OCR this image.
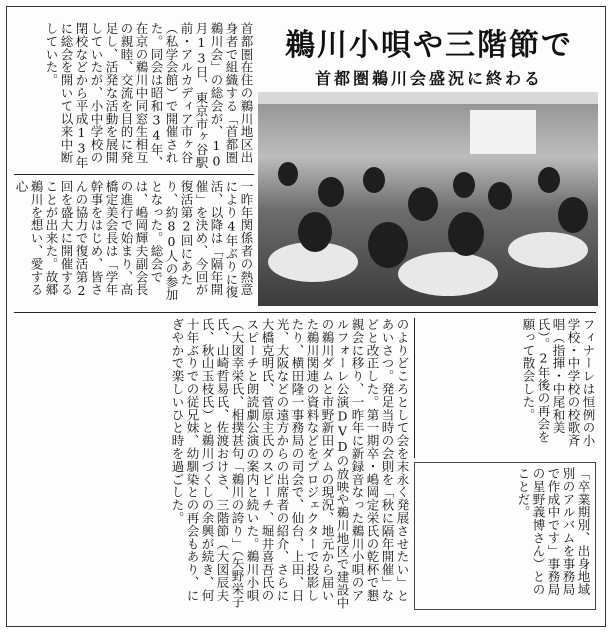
首都圏在住の鵜川地区出身者で組織する「首都圏鵜川会」の総会が、10月13日、東京市ヶ谷駅前・アルカディア市ヶ谷（私学会館）で開催された。同会は昭和34年、在京の鵜川中同窓生相互の親睦、交流を目的に発足し、活発な活動を展開していたが、小中学校の閉校などから平成13年に総会を開いて以来中断していた。
一昨年関係者の熱意により4年ぶりに復活、以降は「隔年開催」を決め、今回が復活第2回にあたり、約80人の参加となった。総会では、嶋岡輝夫副会長の進行で始まり、高橋定美会長は「学年幹事をはじめ、皆さんの協力で復活第2回を盛大に開催することが出来た。故郷鵜川を想い、愛する心
鵜川小唄や三階節で
首都圏鵜川会盛況に終わる
のよりどころとして会を末永く発展させたい」とあいさつ。発足当時の会則を「秋に隔年開催」などと改正した。第一期卒・嶋岡定栄氏の乾杯で懇親会に移り、一昨年に新録音なった鵜川小唄のアルフォーレ公演DVDの放映や鵜川地区で建設中の鵜川ダムと市野新田ダムの現況、地元から届いた鵜川関連の資料などをプロジェクターで投影したり、横田隆一事務局の司会で、仙台、上田、日光、大阪などの遠方からの出席者の紹介、さらに大橋克明氏、菅原主氏のスピーチ、堀井喜吾氏のスピーチと朗読劇公演の案内と続いた。鵜川小唄（大図幸栄氏、相撲甚句「鵜川の誇り」（矢野栄子氏、山崎哲易氏、佐渡おけさ、三階節（大図辰夫氏、秋山玉枝氏）と鵜川づくしの余興が続き、何十年ぶりでの従兄妹、幼馴染との再会もあり、にぎやかで楽しいひと時を過ごした。	フィナーレは恒例の小学校・中学校の校歌斉唱（指揮・中尾和美氏）。2年後の再会を願って散会した。
「卒業期別、出身地域別のアルバムを事務局で作成中です」事務局の星野義博さん）とのことだ。
